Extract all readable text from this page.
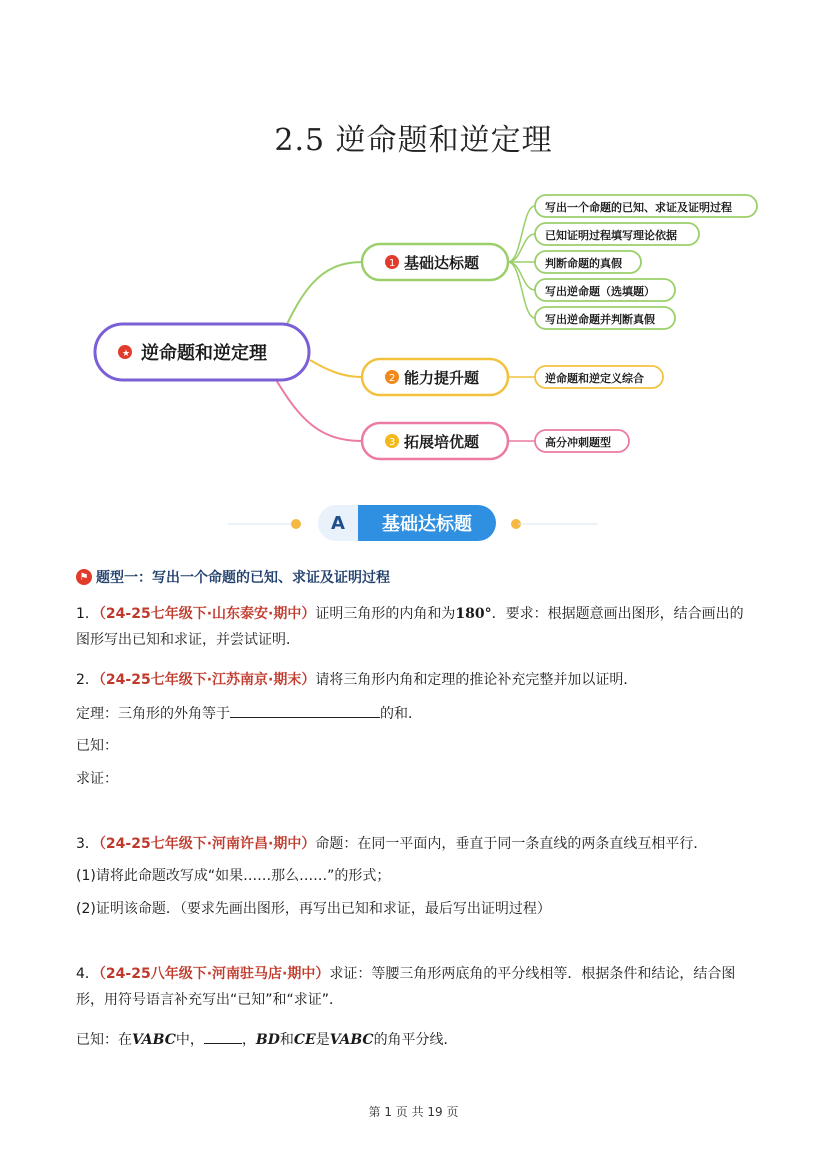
2.5 逆命题和逆定理
★ 逆命题和逆定理
1 基础达标题
2 能力提升题
3 拓展培优题
写出一个命题的已知、求证及证明过程
已知证明过程填写理论依据
判断命题的真假
写出逆命题（选填题）
写出逆命题并判断真假
逆命题和逆定义综合
高分冲刺题型
A	基础达标题
⚑ 题型一：写出一个命题的已知、求证及证明过程
1．（24-25七年级下·山东泰安·期中）证明三角形的内角和为180°．要求：根据题意画出图形，结合画出的
图形写出已知和求证，并尝试证明．
2．（24-25七年级下·江苏南京·期末）请将三角形内角和定理的推论补充完整并加以证明．
定理：三角形的外角等于	的和．
已知：
求证：
3．（24-25七年级下·河南许昌·期中）命题：在同一平面内，垂直于同一条直线的两条直线互相平行．
(1)请将此命题改写成“如果……那么……”的形式；
(2)证明该命题．（要求先画出图形，再写出已知和求证，最后写出证明过程）
4．（24-25八年级下·河南驻马店·期中）求证：等腰三角形两底角的平分线相等．根据条件和结论，结合图
形，用符号语言补充写出“已知”和“求证”．
已知：在VABC中，	，BD和CE是VABC的角平分线．
第 1 页 共 19 页
